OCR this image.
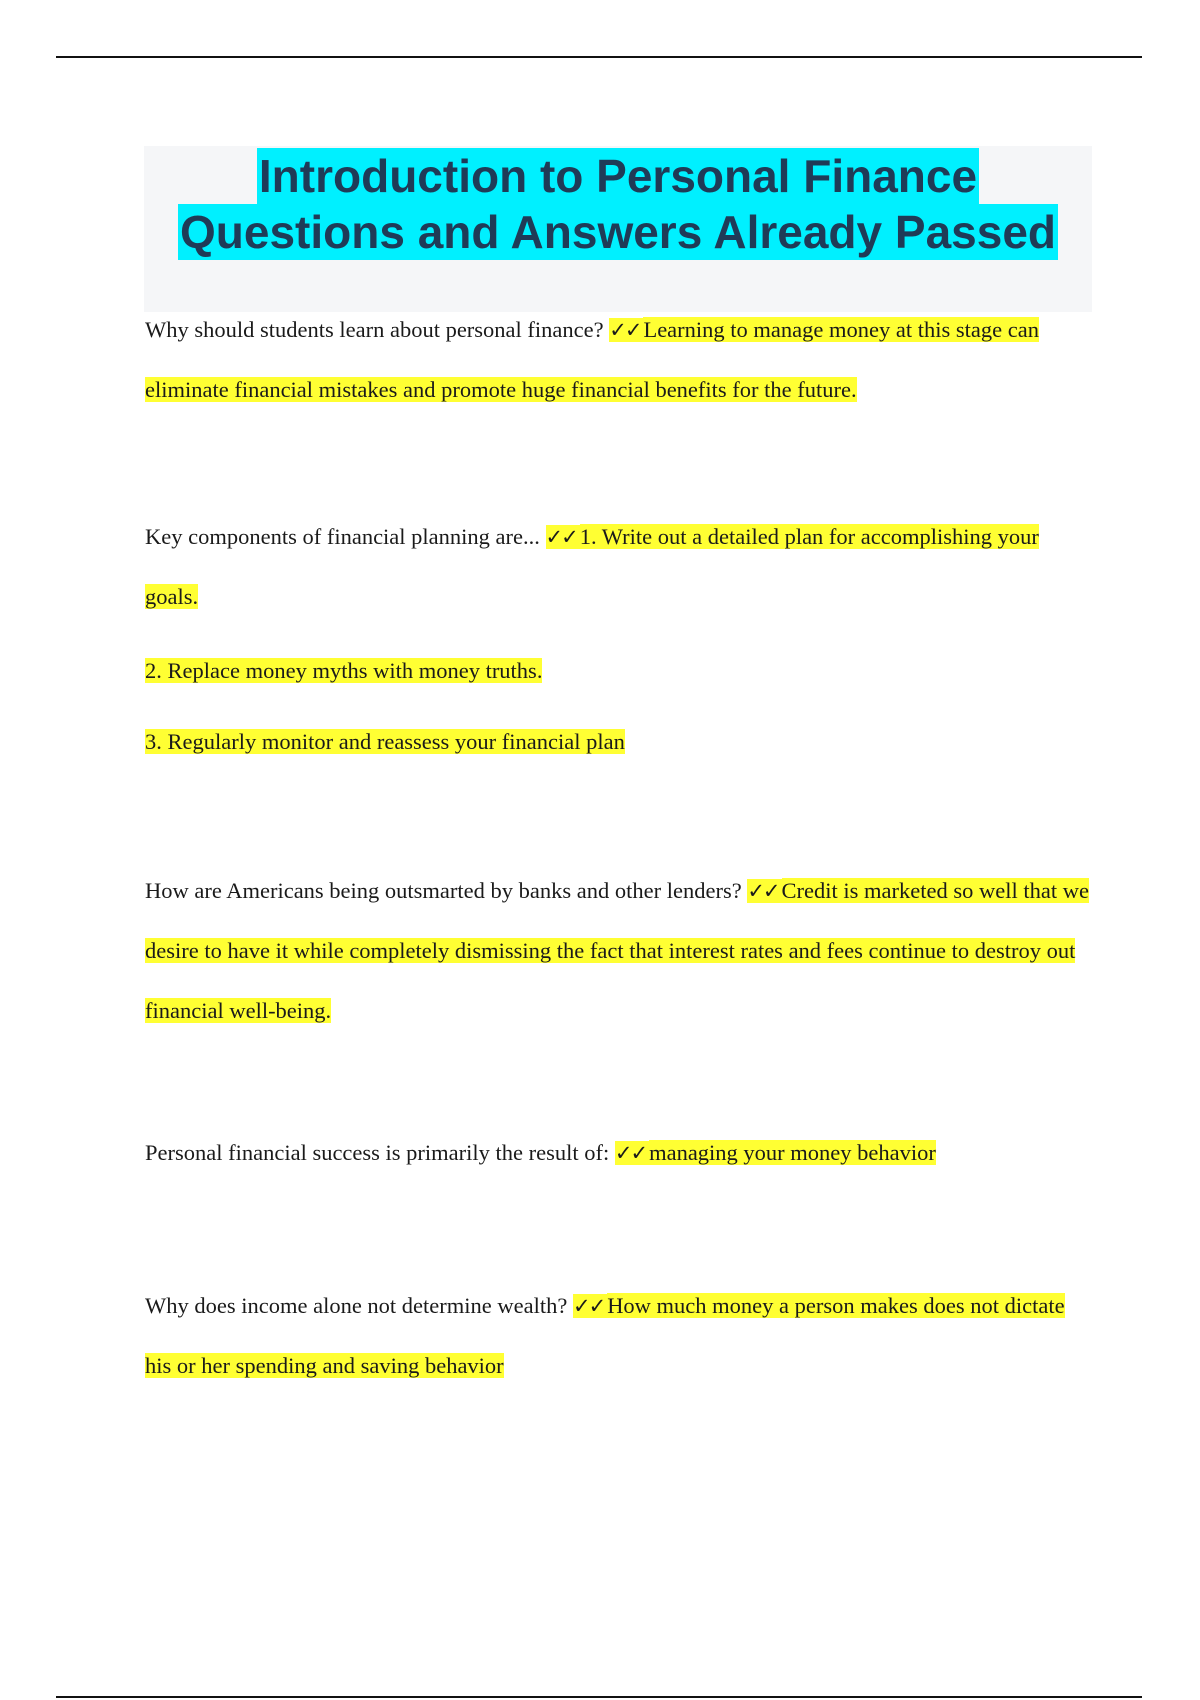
Introduction to Personal Finance
Questions and Answers Already Passed

Why should students learn about personal finance? ✓✓ Learning to manage money at this stage can eliminate financial mistakes and promote huge financial benefits for the future.

Key components of financial planning are... ✓✓ 1. Write out a detailed plan for accomplishing your goals.

2. Replace money myths with money truths.
3. Regularly monitor and reassess your financial plan

How are Americans being outsmarted by banks and other lenders? ✓✓ Credit is marketed so well that we desire to have it while completely dismissing the fact that interest rates and fees continue to destroy out financial well-being.

Personal financial success is primarily the result of: ✓✓ managing your money behavior

Why does income alone not determine wealth? ✓✓ How much money a person makes does not dictate his or her spending and saving behavior
